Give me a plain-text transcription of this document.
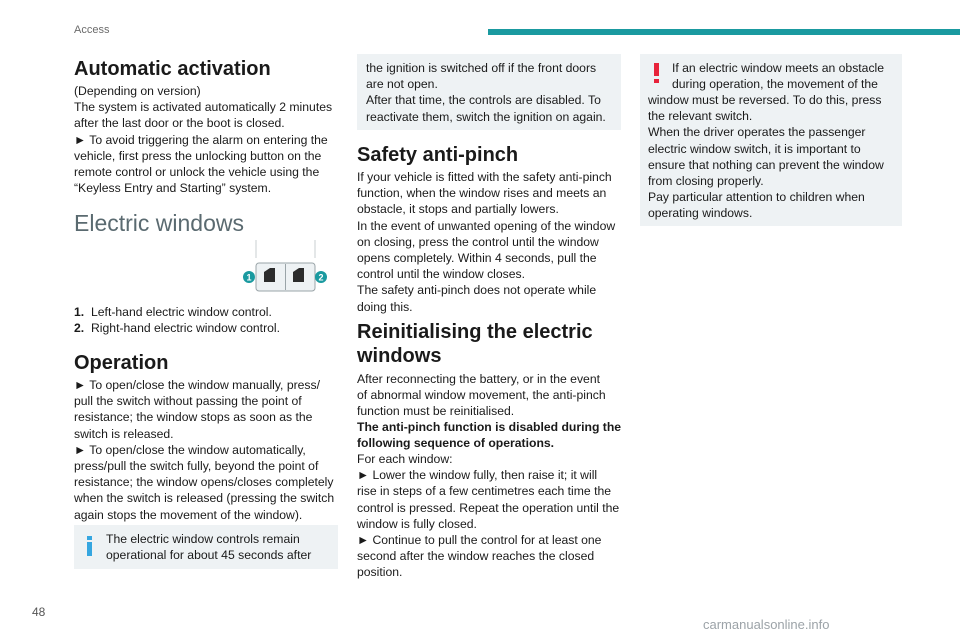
Access
Automatic activation
(Depending on version)
The system is activated automatically 2 minutes
after the last door or the boot is closed.
► To avoid triggering the alarm on entering the
vehicle, first press the unlocking button on the
remote control or unlock the vehicle using the
“Keyless Entry and Starting” system.
Electric windows
1	2
1. Left-hand electric window control.
2. Right-hand electric window control.
Operation
► To open/close the window manually, press/
pull the switch without passing the point of
resistance; the window stops as soon as the
switch is released.
► To open/close the window automatically,
press/pull the switch fully, beyond the point of
resistance; the window opens/closes completely
when the switch is released (pressing the switch
again stops the movement of the window).
The electric window controls remain
operational for about 45 seconds after
the ignition is switched off if the front doors
are not open.
After that time, the controls are disabled. To
reactivate them, switch the ignition on again.
Safety anti-pinch
If your vehicle is fitted with the safety anti-pinch
function, when the window rises and meets an
obstacle, it stops and partially lowers.
In the event of unwanted opening of the window
on closing, press the control until the window
opens completely. Within 4 seconds, pull the
control until the window closes.
The safety anti-pinch does not operate while
doing this.
Reinitialising the electric
windows
After reconnecting the battery, or in the event
of abnormal window movement, the anti-pinch
function must be reinitialised.
The anti-pinch function is disabled during the
following sequence of operations.
For each window:
► Lower the window fully, then raise it; it will
rise in steps of a few centimetres each time the
control is pressed. Repeat the operation until the
window is fully closed.
► Continue to pull the control for at least one
second after the window reaches the closed
position.
If an electric window meets an obstacle
during operation, the movement of the
window must be reversed. To do this, press
the relevant switch.
When the driver operates the passenger
electric window switch, it is important to
ensure that nothing can prevent the window
from closing properly.
Pay particular attention to children when
operating windows.
48
carmanualsonline.info
